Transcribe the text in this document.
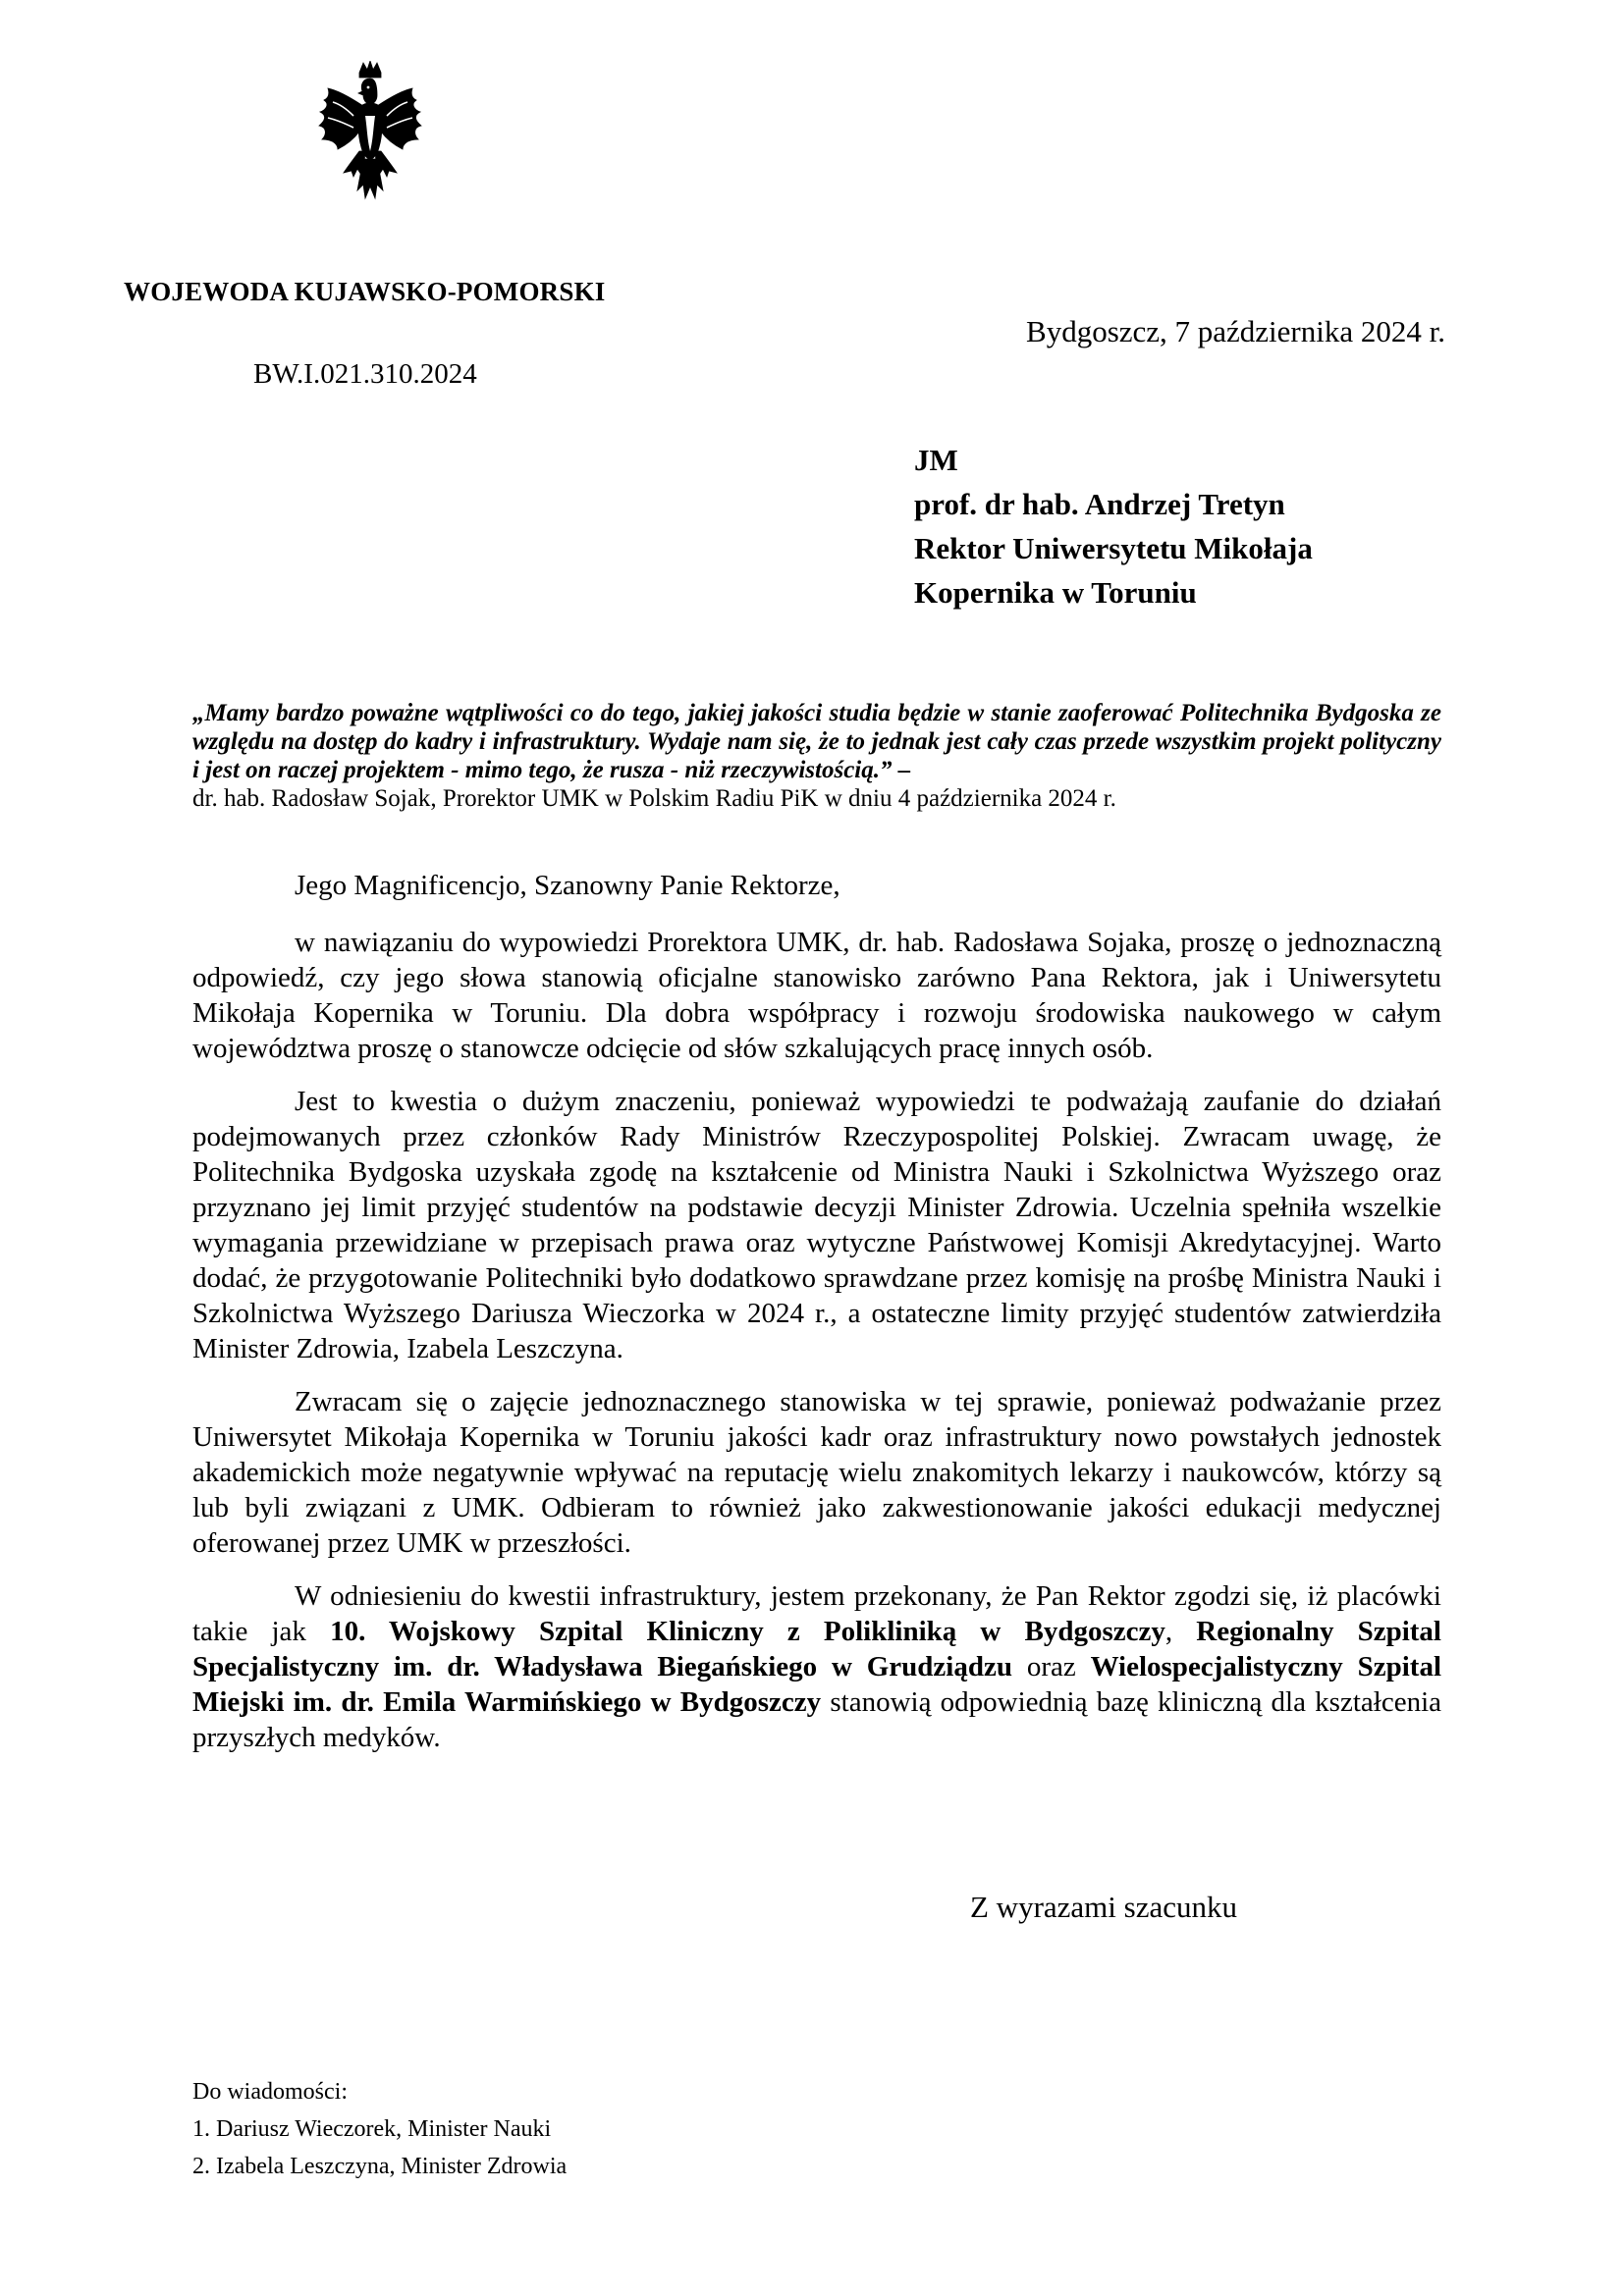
WOJEWODA KUJAWSKO-POMORSKI
Bydgoszcz, 7 października 2024 r.
BW.I.021.310.2024
JM
prof. dr hab. Andrzej Tretyn
Rektor Uniwersytetu Mikołaja
Kopernika w Toruniu

„Mamy bardzo poważne wątpliwości co do tego, jakiej jakości studia będzie w stanie zaoferować Politechnika Bydgoska ze względu na dostęp do kadry i infrastruktury. Wydaje nam się, że to jednak jest cały czas przede wszystkim projekt polityczny i jest on raczej projektem - mimo tego, że rusza - niż rzeczywistością.” –

dr. hab. Radosław Sojak, Prorektor UMK w Polskim Radiu PiK w dniu 4 października 2024 r.

Jego Magnificencjo, Szanowny Panie Rektorze,

w nawiązaniu do wypowiedzi Prorektora UMK, dr. hab. Radosława Sojaka, proszę o jednoznaczną odpowiedź, czy jego słowa stanowią oficjalne stanowisko zarówno Pana Rektora, jak i Uniwersytetu Mikołaja Kopernika w Toruniu. Dla dobra współpracy i rozwoju środowiska naukowego w całym województwa proszę o stanowcze odcięcie od słów szkalujących pracę innych osób.

Jest to kwestia o dużym znaczeniu, ponieważ wypowiedzi te podważają zaufanie do działań podejmowanych przez członków Rady Ministrów Rzeczypospolitej Polskiej. Zwracam uwagę, że Politechnika Bydgoska uzyskała zgodę na kształcenie od Ministra Nauki i Szkolnictwa Wyższego oraz przyznano jej limit przyjęć studentów na podstawie decyzji Minister Zdrowia. Uczelnia spełniła wszelkie wymagania przewidziane w przepisach prawa oraz wytyczne Państwowej Komisji Akredytacyjnej. Warto dodać, że przygotowanie Politechniki było dodatkowo sprawdzane przez komisję na prośbę Ministra Nauki i Szkolnictwa Wyższego Dariusza Wieczorka w 2024 r., a ostateczne limity przyjęć studentów zatwierdziła Minister Zdrowia, Izabela Leszczyna.

Zwracam się o zajęcie jednoznacznego stanowiska w tej sprawie, ponieważ podważanie przez Uniwersytet Mikołaja Kopernika w Toruniu jakości kadr oraz infrastruktury nowo powstałych jednostek akademickich może negatywnie wpływać na reputację wielu znakomitych lekarzy i naukowców, którzy są lub byli związani z UMK. Odbieram to również jako zakwestionowanie jakości edukacji medycznej oferowanej przez UMK w przeszłości.

W odniesieniu do kwestii infrastruktury, jestem przekonany, że Pan Rektor zgodzi się, iż placówki takie jak 10. Wojskowy Szpital Kliniczny z Polikliniką w Bydgoszczy, Regionalny Szpital Specjalistyczny im. dr. Władysława Biegańskiego w Grudziądzu oraz Wielospecjalistyczny Szpital Miejski im. dr. Emila Warmińskiego w Bydgoszczy stanowią odpowiednią bazę kliniczną dla kształcenia przyszłych medyków.

Z wyrazami szacunku
Do wiadomości:
1. Dariusz Wieczorek, Minister Nauki
2. Izabela Leszczyna, Minister Zdrowia
